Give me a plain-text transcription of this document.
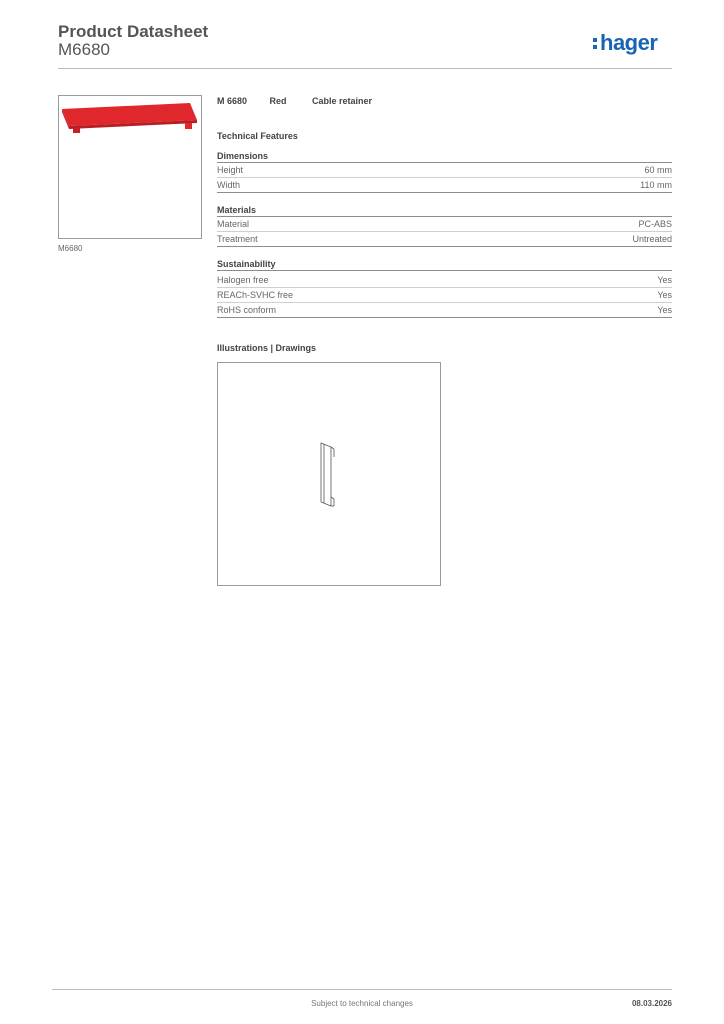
Product Datasheet
M6680	hager
M6680
M 6680 Red	Cable retainer
Technical Features
Dimensions
Height	60 mm
Width	110 mm
Materials
Material	PC-ABS
Treatment	Untreated
Sustainability
Halogen free	Yes
REACh-SVHC free	Yes
RoHS conform	Yes
Illustrations | Drawings
Subject to technical changes	08.03.2026
